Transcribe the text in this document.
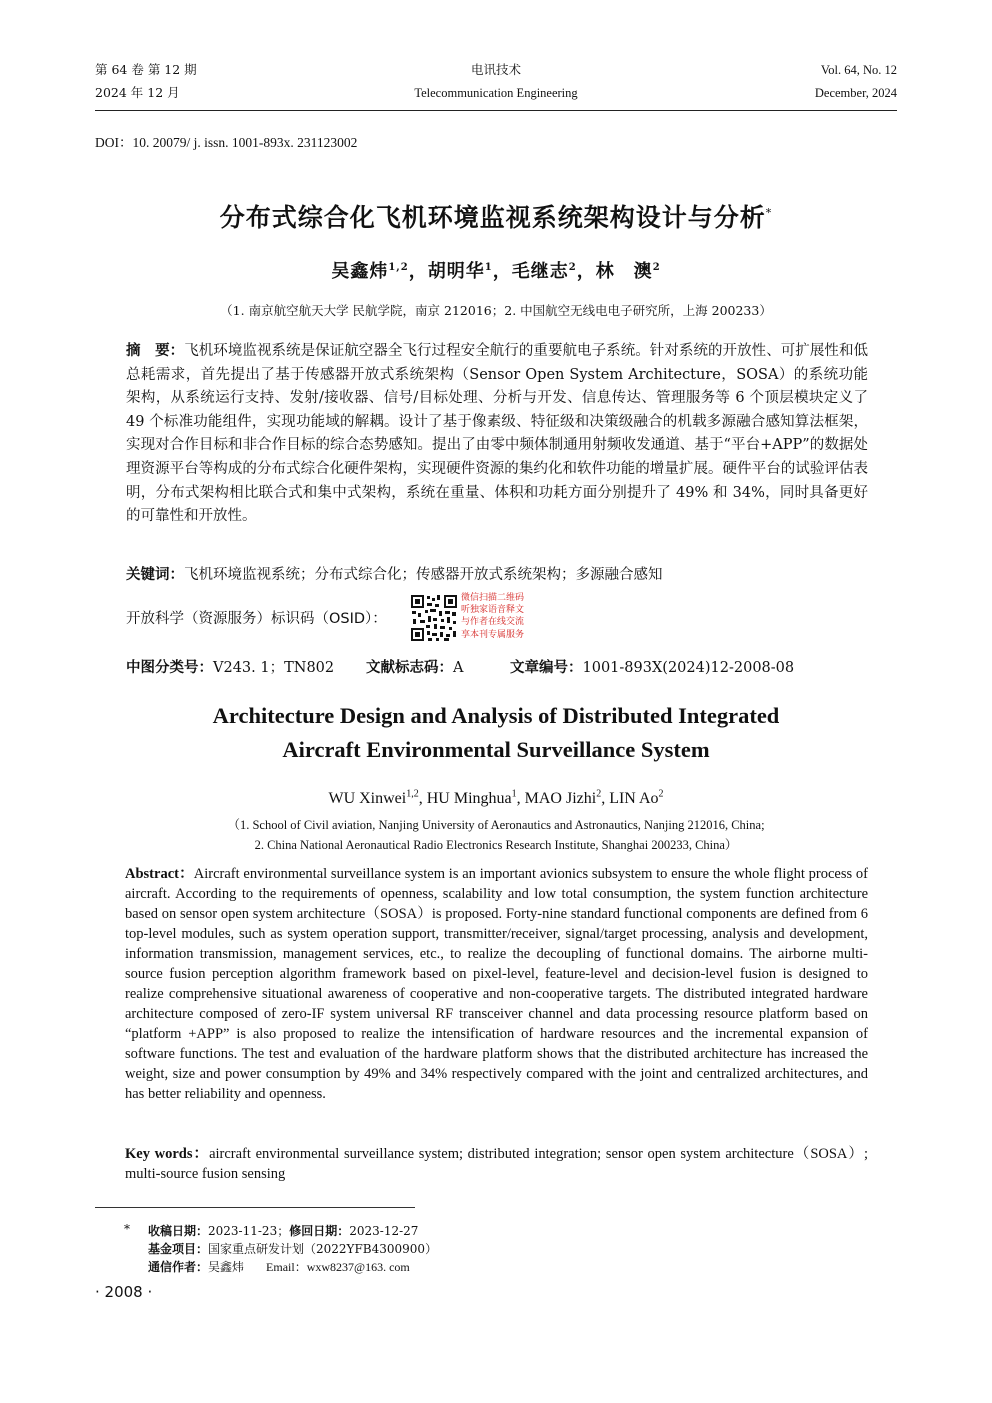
第 64 卷 第 12 期
2024 年 12 月
电讯技术
Telecommunication Engineering
Vol. 64, No. 12
December, 2024
DOI：10. 20079/ j. issn. 1001-893x. 231123002
分布式综合化飞机环境监视系统架构设计与分析*
吴鑫炜$^{1,2}$，胡明华$^1$，毛继志$^2$，林　澳$^2$
（1. 南京航空航天大学 民航学院，南京 212016；2. 中国航空无线电电子研究所，上海 200233）
摘　要：飞机环境监视系统是保证航空器全飞行过程安全航行的重要航电子系统。针对系统的开放性、可扩展性和低总耗需求，首先提出了基于传感器开放式系统架构（Sensor Open System Architecture，SOSA）的系统功能架构，从系统运行支持、发射/接收器、信号/目标处理、分析与开发、信息传达、管理服务等 6 个顶层模块定义了 49 个标准功能组件，实现功能域的解耦。设计了基于像素级、特征级和决策级融合的机载多源融合感知算法框架，实现对合作目标和非合作目标的综合态势感知。提出了由零中频体制通用射频收发通道、基于“平台+APP”的数据处理资源平台等构成的分布式综合化硬件架构，实现硬件资源的集约化和软件功能的增量扩展。硬件平台的试验评估表明，分布式架构相比联合式和集中式架构，系统在重量、体积和功耗方面分别提升了 49% 和 34%，同时具备更好的可靠性和开放性。
关键词：飞机环境监视系统；分布式综合化；传感器开放式系统架构；多源融合感知
开放科学（资源服务）标识码（OSID）：
微信扫描二维码
听独家语音释文
与作者在线交流
享本刊专属服务
中图分类号：V243. 1；TN802 文献标志码：A	文章编号：1001-893X(2024)12-2008-08
Architecture Design and Analysis of Distributed Integrated
Aircraft Environmental Surveillance System
WU Xinwei$^{1,2}$, HU Minghua$^1$, MAO Jizhi$^2$, LIN Ao$^2$
（1. School of Civil aviation, Nanjing University of Aeronautics and Astronautics, Nanjing 212016, China;
2. China National Aeronautical Radio Electronics Research Institute, Shanghai 200233, China）
Abstract：Aircraft environmental surveillance system is an important avionics subsystem to ensure the whole flight process of aircraft. According to the requirements of openness, scalability and low total consumption, the system function architecture based on sensor open system architecture（SOSA）is proposed. Forty-nine standard functional components are defined from 6 top-level modules, such as system operation support, transmitter/receiver, signal/target processing, analysis and development, information transmission, management services, etc., to realize the decoupling of functional domains. The airborne multi-source fusion perception algorithm framework based on pixel-level, feature-level and decision-level fusion is designed to realize comprehensive situational awareness of cooperative and non-cooperative targets. The distributed integrated hardware architecture composed of zero-IF system universal RF transceiver channel and data processing resource platform based on “platform +APP” is also proposed to realize the intensification of hardware resources and the incremental expansion of software functions. The test and evaluation of the hardware platform shows that the distributed architecture has increased the weight, size and power consumption by 49% and 34% respectively compared with the joint and centralized architectures, and has better reliability and openness.
Key words：aircraft environmental surveillance system; distributed integration; sensor open system architecture（SOSA）; multi-source fusion sensing
* 收稿日期：2023-11-23；修回日期：2023-12-27
基金项目：国家重点研发计划（2022YFB4300900）
通信作者：吴鑫炜 Email：wxw8237@163. com
· 2008 ·
